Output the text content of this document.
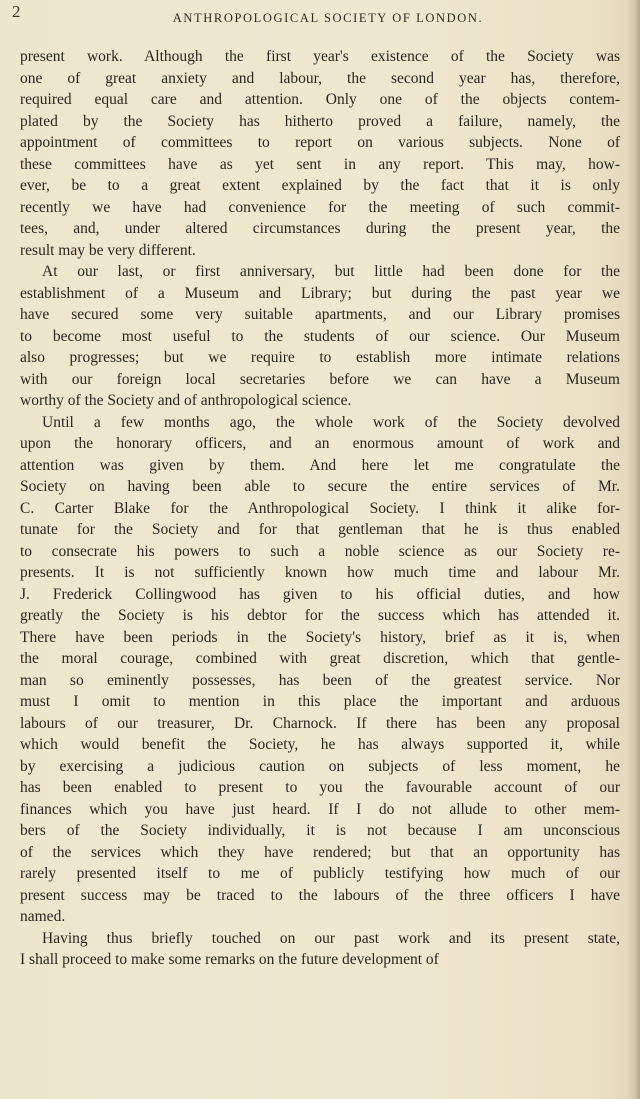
2	ANTHROPOLOGICAL SOCIETY OF LONDON.
present work. Although the first year's existence of the Society was
one of great anxiety and labour, the second year has, therefore,
required equal care and attention. Only one of the objects contem-
plated by the Society has hitherto proved a failure, namely, the
appointment of committees to report on various subjects. None of
these committees have as yet sent in any report. This may, how-
ever, be to a great extent explained by the fact that it is only
recently we have had convenience for the meeting of such commit-
tees, and, under altered circumstances during the present year, the
result may be very different.
At our last, or first anniversary, but little had been done for the
establishment of a Museum and Library; but during the past year we
have secured some very suitable apartments, and our Library promises
to become most useful to the students of our science. Our Museum
also progresses; but we require to establish more intimate relations
with our foreign local secretaries before we can have a Museum
worthy of the Society and of anthropological science.
Until a few months ago, the whole work of the Society devolved
upon the honorary officers, and an enormous amount of work and
attention was given by them. And here let me congratulate the
Society on having been able to secure the entire services of Mr.
C. Carter Blake for the Anthropological Society. I think it alike for-
tunate for the Society and for that gentleman that he is thus enabled
to consecrate his powers to such a noble science as our Society re-
presents. It is not sufficiently known how much time and labour Mr.
J. Frederick Collingwood has given to his official duties, and how
greatly the Society is his debtor for the success which has attended it.
There have been periods in the Society's history, brief as it is, when
the moral courage, combined with great discretion, which that gentle-
man so eminently possesses, has been of the greatest service. Nor
must I omit to mention in this place the important and arduous
labours of our treasurer, Dr. Charnock. If there has been any proposal
which would benefit the Society, he has always supported it, while
by exercising a judicious caution on subjects of less moment, he
has been enabled to present to you the favourable account of our
finances which you have just heard. If I do not allude to other mem-
bers of the Society individually, it is not because I am unconscious
of the services which they have rendered; but that an opportunity has
rarely presented itself to me of publicly testifying how much of our
present success may be traced to the labours of the three officers I have
named.
Having thus briefly touched on our past work and its present state,
I shall proceed to make some remarks on the future development of
